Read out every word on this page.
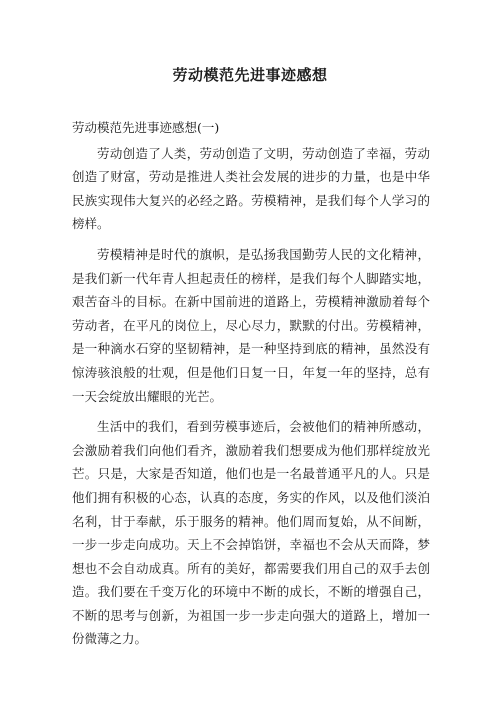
劳动模范先进事迹感想

劳动模范先进事迹感想(一)

劳动创造了人类，劳动创造了文明，劳动创造了幸福，劳动创造了财富，劳动是推进人类社会发展的进步的力量，也是中华民族实现伟大复兴的必经之路。劳模精神，是我们每个人学习的榜样。

劳模精神是时代的旗帜，是弘扬我国勤劳人民的文化精神，是我们新一代年青人担起责任的榜样，是我们每个人脚踏实地，艰苦奋斗的目标。在新中国前进的道路上，劳模精神激励着每个劳动者，在平凡的岗位上，尽心尽力，默默的付出。劳模精神，是一种滴水石穿的坚韧精神，是一种坚持到底的精神，虽然没有惊涛骇浪般的壮观，但是他们日复一日，年复一年的坚持，总有一天会绽放出耀眼的光芒。

生活中的我们，看到劳模事迹后，会被他们的精神所感动，会激励着我们向他们看齐，激励着我们想要成为他们那样绽放光芒。只是，大家是否知道，他们也是一名最普通平凡的人。只是他们拥有积极的心态，认真的态度，务实的作风，以及他们淡泊名利，甘于奉献，乐于服务的精神。他们周而复始，从不间断，一步一步走向成功。天上不会掉馅饼，幸福也不会从天而降，梦想也不会自动成真。所有的美好，都需要我们用自己的双手去创造。我们要在千变万化的环境中不断的成长，不断的增强自己，不断的思考与创新，为祖国一步一步走向强大的道路上，增加一份微薄之力。
